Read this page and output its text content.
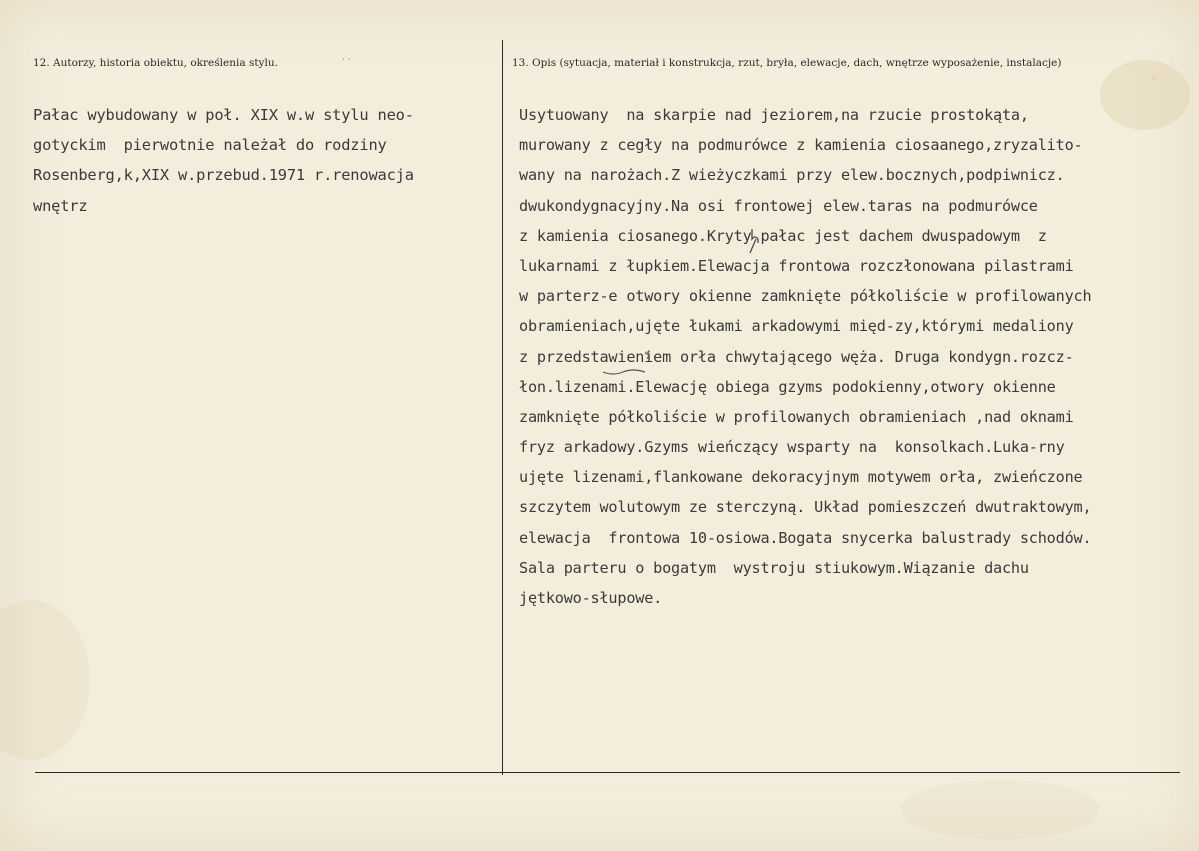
12. Autorzy, historia obiektu, określenia stylu.	13. Opis (sytuacja, materiał i konstrukcja, rzut, bryła, elewacje, dach, wnętrze wyposażenie, instalacje)
Pałac wybudowany w poł. XIX w.w stylu neo-
gotyckim  pierwotnie należał do rodziny
Rosenberg,k,XIX w.przebud.1971 r.renowacja
wnętrz
Usytuowany  na skarpie nad jeziorem,na rzucie prostokąta,
murowany z cegły na podmurówce z kamienia ciosaanego,zryzalito-
wany na narożach.Z wieżyczkami przy elew.bocznych,podpiwnicz.
dwukondygnacyjny.Na osi frontowej elew.taras na podmurówce
z kamienia ciosanego.Kryty pałac jest dachem dwuspadowym  z
lukarnami z łupkiem.Elewacja frontowa rozczłonowana pilastrami
w parterz-e otwory okienne zamknięte półkoliście w profilowanych
obramieniach,ujęte łukami arkadowymi międ-zy,którymi medaliony
z przedstawieniem orła chwytającego węża. Druga kondygn.rozcz-
łon.lizenami.Elewację obiega gzyms podokienny,otwory okienne
zamknięte półkoliście w profilowanych obramieniach ,nad oknami
fryz arkadowy.Gzyms wieńczący wsparty na  konsolkach.Luka-rny
ujęte lizenami,flankowane dekoracyjnym motywem orła, zwieńczone
szczytem wolutowym ze sterczyną. Układ pomieszczeń dwutraktowym,
elewacja  frontowa 10-osiowa.Bogata snycerka balustrady schodów.
Sala parteru o bogatym  wystroju stiukowym.Wiązanie dachu
jętkowo-słupowe.
· ·
⁘
